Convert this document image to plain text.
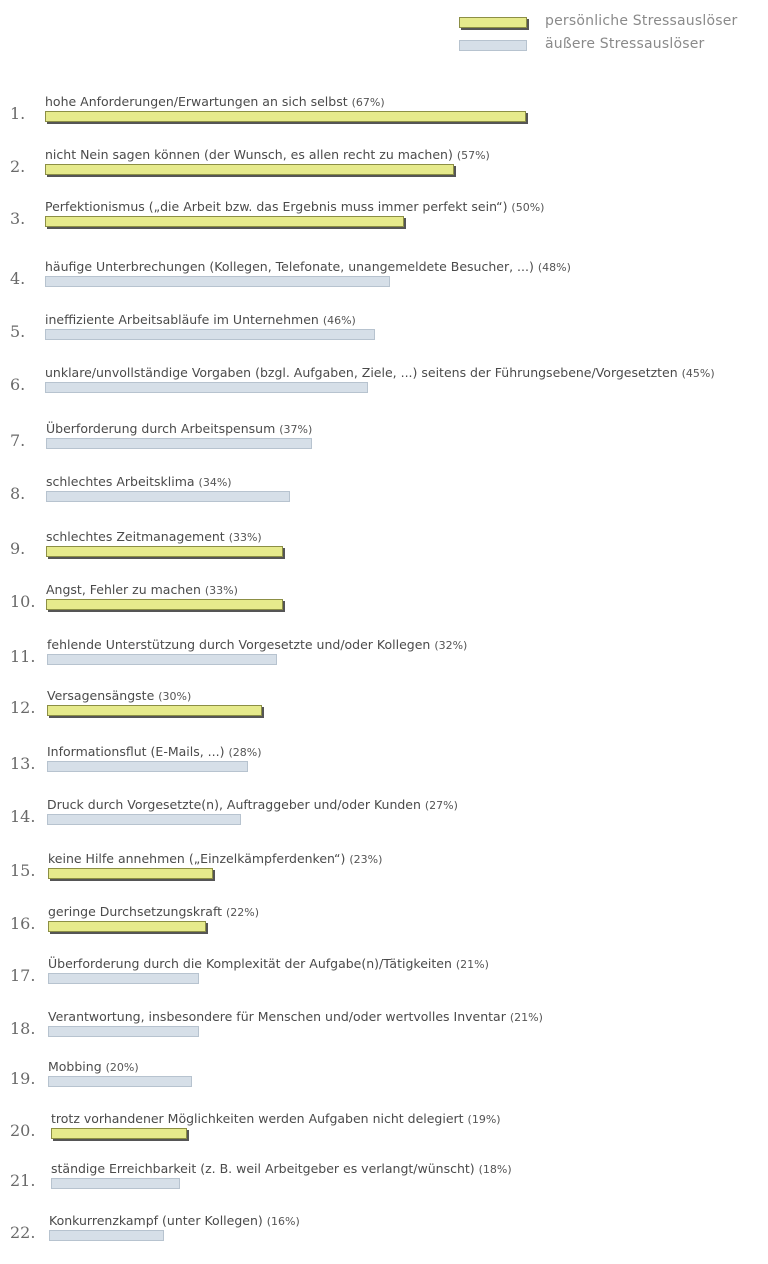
persönliche Stressauslöser
äußere Stressauslöser
1.
hohe Anforderungen/Erwartungen an sich selbst (67%)
2.
nicht Nein sagen können (der Wunsch, es allen recht zu machen) (57%)
3.
Perfektionismus („die Arbeit bzw. das Ergebnis muss immer perfekt sein“) (50%)
4.
häufige Unterbrechungen (Kollegen, Telefonate, unangemeldete Besucher, ...) (48%)
5.
ineffiziente Arbeitsabläufe im Unternehmen (46%)
6.
unklare/unvollständige Vorgaben (bzgl. Aufgaben, Ziele, ...) seitens der Führungsebene/Vorgesetzten (45%)
7.
Überforderung durch Arbeitspensum (37%)
8.
schlechtes Arbeitsklima (34%)
9.
schlechtes Zeitmanagement (33%)
10.
Angst, Fehler zu machen (33%)
11.
fehlende Unterstützung durch Vorgesetzte und/oder Kollegen (32%)
12.
Versagensängste (30%)
13.
Informationsflut (E-Mails, ...) (28%)
14.
Druck durch Vorgesetzte(n), Auftraggeber und/oder Kunden (27%)
15.
keine Hilfe annehmen („Einzelkämpferdenken“) (23%)
16.
geringe Durchsetzungskraft (22%)
17.
Überforderung durch die Komplexität der Aufgabe(n)/Tätigkeiten (21%)
18.
Verantwortung, insbesondere für Menschen und/oder wertvolles Inventar (21%)
19.
Mobbing (20%)
20.
trotz vorhandener Möglichkeiten werden Aufgaben nicht delegiert (19%)
21.
ständige Erreichbarkeit (z. B. weil Arbeitgeber es verlangt/wünscht) (18%)
22.
Konkurrenzkampf (unter Kollegen) (16%)
